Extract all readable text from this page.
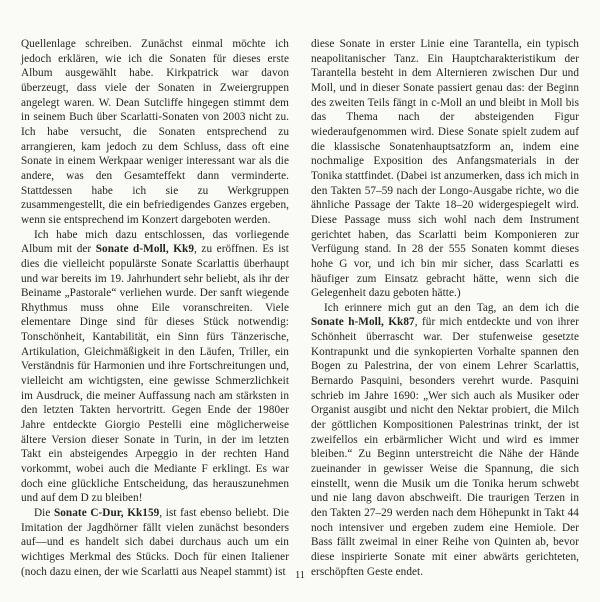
Quellenlage schreiben. Zunächst einmal möchte ich jedoch erklären, wie ich die Sonaten für dieses erste Album ausgewählt habe. Kirkpatrick war davon überzeugt, dass viele der Sonaten in Zweiergruppen angelegt waren. W. Dean Sutcliffe hingegen stimmt dem in seinem Buch über Scarlatti-Sonaten von 2003 nicht zu. Ich habe versucht, die Sonaten entsprechend zu arrangieren, kam jedoch zu dem Schluss, dass oft eine Sonate in einem Werkpaar weniger interessant war als die andere, was den Gesamteffekt dann verminderte. Stattdessen habe ich sie zu Werkgruppen zusammengestellt, die ein befriedigendes Ganzes ergeben, wenn sie entsprechend im Konzert dargeboten werden.

Ich habe mich dazu entschlossen, das vorliegende Album mit der Sonate d-Moll, Kk9, zu eröffnen. Es ist dies die vielleicht populärste Sonate Scarlattis überhaupt und war bereits im 19. Jahrhundert sehr beliebt, als ihr der Beiname „Pastorale“ verliehen wurde. Der sanft wiegende Rhythmus muss ohne Eile voranschreiten. Viele elementare Dinge sind für dieses Stück notwendig: Tonschönheit, Kantabilität, ein Sinn fürs Tänzerische, Artikulation, Gleichmäßigkeit in den Läufen, Triller, ein Verständnis für Harmonien und ihre Fortschreitungen und, vielleicht am wichtigsten, eine gewisse Schmerzlichkeit im Ausdruck, die meiner Auffassung nach am stärksten in den letzten Takten hervortritt. Gegen Ende der 1980er Jahre entdeckte Giorgio Pestelli eine möglicherweise ältere Version dieser Sonate in Turin, in der im letzten Takt ein absteigendes Arpeggio in der rechten Hand vorkommt, wobei auch die Mediante F erklingt. Es war doch eine glückliche Entscheidung, das herauszunehmen und auf dem D zu bleiben!

Die Sonate C-Dur, Kk159, ist fast ebenso beliebt. Die Imitation der Jagdhörner fällt vielen zunächst besonders auf—und es handelt sich dabei durchaus auch um ein wichtiges Merkmal des Stücks. Doch für einen Italiener (noch dazu einen, der wie Scarlatti aus Neapel stammt) ist

diese Sonate in erster Linie eine Tarantella, ein typisch neapolitanischer Tanz. Ein Hauptcharakteristikum der Tarantella besteht in dem Alternieren zwischen Dur und Moll, und in dieser Sonate passiert genau das: der Beginn des zweiten Teils fängt in c-Moll an und bleibt in Moll bis das Thema nach der absteigenden Figur wiederaufgenommen wird. Diese Sonate spielt zudem auf die klassische Sonatenhauptsatzform an, indem eine nochmalige Exposition des Anfangsmaterials in der Tonika stattfindet. (Dabei ist anzumerken, dass ich mich in den Takten 57–59 nach der Longo-Ausgabe richte, wo die ähnliche Passage der Takte 18–20 widergespiegelt wird. Diese Passage muss sich wohl nach dem Instrument gerichtet haben, das Scarlatti beim Komponieren zur Verfügung stand. In 28 der 555 Sonaten kommt dieses hohe G vor, und ich bin mir sicher, dass Scarlatti es häufiger zum Einsatz gebracht hätte, wenn sich die Gelegenheit dazu geboten hätte.)

Ich erinnere mich gut an den Tag, an dem ich die Sonate h-Moll, Kk87, für mich entdeckte und von ihrer Schönheit überrascht war. Der stufenweise gesetzte Kontrapunkt und die synkopierten Vorhalte spannen den Bogen zu Palestrina, der von einem Lehrer Scarlattis, Bernardo Pasquini, besonders verehrt wurde. Pasquini schrieb im Jahre 1690: „Wer sich auch als Musiker oder Organist ausgibt und nicht den Nektar probiert, die Milch der göttlichen Kompositionen Palestrinas trinkt, der ist zweifellos ein erbärmlicher Wicht und wird es immer bleiben.“ Zu Beginn unterstreicht die Nähe der Hände zueinander in gewisser Weise die Spannung, die sich einstellt, wenn die Musik um die Tonika herum schwebt und nie lang davon abschweift. Die traurigen Terzen in den Takten 27–29 werden nach dem Höhepunkt in Takt 44 noch intensiver und ergeben zudem eine Hemiole. Der Bass fällt zweimal in einer Reihe von Quinten ab, bevor diese inspirierte Sonate mit einer abwärts gerichteten, erschöpften Geste endet.

11
